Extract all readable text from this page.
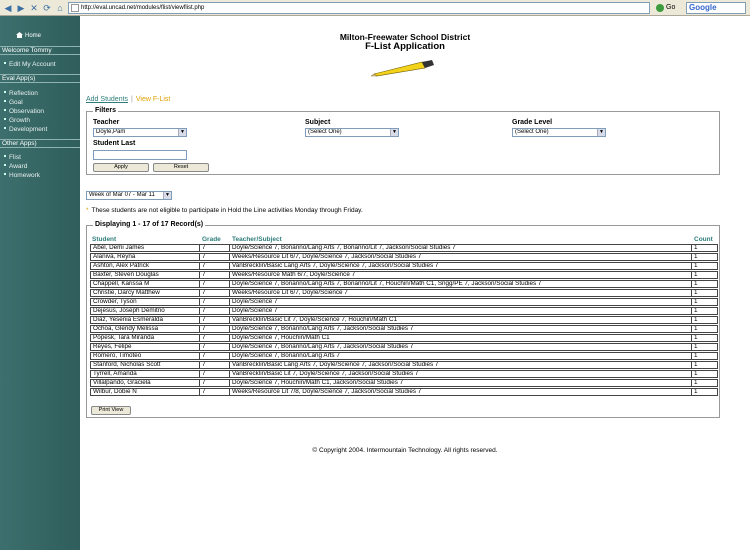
◀ ▶ ✕ ⟳ ⌂	http://eval.uncad.net/modules/flist/viewflist.php	Go	Google
Home
Welcome Tommy
Edit My Account
Eval App(s)
Reflection
Goal
Observation
Growth
Development
Other Apps)
Flist
Award
Homework
Milton-Freewater School District
F-List Application
Add Students | View F-List
Filters
Teacher
Doyle,Pam	▼
Subject
(Select One)	▼
Grade Level
(Select One)	▼
Student Last
Apply	Reset
Week of Mar 07 - Mar 11	▼
* These students are not eligible to participate in Hold the Line activities Monday through Friday.
Displaying 1 - 17 of 17 Record(s)
Student	Grade	Teacher/Subject	Count
Abel, Demi James	7	Doyle/Science 7, Bonanno/Lang Arts 7, Bonanno/Lit 7, Jackson/Social Studies 7	1
Alaniva, Reyna	7	Weeks/Resource Lit 6/7, Doyle/Science 7, Jackson/Social Studies 7	1
Ashton, Alex Patrick	7	VanBrecklin/Basic Lang Arts 7, Doyle/Science 7, Jackson/Social Studies 7	1
Baxter, Steven Douglas	7	Weeks/Resource Math 6/7, Doyle/Science 7	1
Chappell, Karissa M	7	Doyle/Science 7, Bonanno/Lang Arts 7, Bonanno/Lit 7, Houchin/Math C1, Sngg/PE 7, Jackson/Social Studies 7	1
Christie, Darcy Matthew	7	Weeks/Resource Lit 6/7, Doyle/Science 7	1
Crowder, Tyson	7	Doyle/Science 7	1
Dejesus, Joseph Demitrio	7	Doyle/Science 7	1
Diaz, Yesenia Esmeralda	7	VanBrecklin/Basic Lit 7, Doyle/Science 7, Houchin/Math C1	1
Ochoa, Glendy Melissa	7	Doyle/Science 7, Bonanno/Lang Arts 7, Jackson/Social Studies 7	1
Popesk, Tara Miranda	7	Doyle/Science 7, Houchin/Math C1	1
Reyes, Felipe	7	Doyle/Science 7, Bonanno/Lang Arts 7, Jackson/Social Studies 7	1
Romero, Timoteo	7	Doyle/Science 7, Bonanno/Lang Arts 7	1
Stanford, Nicholas Scott	7	VanBrecklin/Basic Lang Arts 7, Doyle/Science 7, Jackson/Social Studies 7	1
Tyrrell, Amanda	7	VanBrecklin/Basic Lit 7, Doyle/Science 7, Jackson/Social Studies 7	1
Villalpando, Graciela	7	Doyle/Science 7, Houchin/Math C1, Jackson/Social Studies 7	1
Wilbur, Dobie N	7	Weeks/Resource Lit 7/8, Doyle/Science 7, Jackson/Social Studies 7	1
Print View
© Copyright 2004. Intermountain Technology. All rights reserved.
